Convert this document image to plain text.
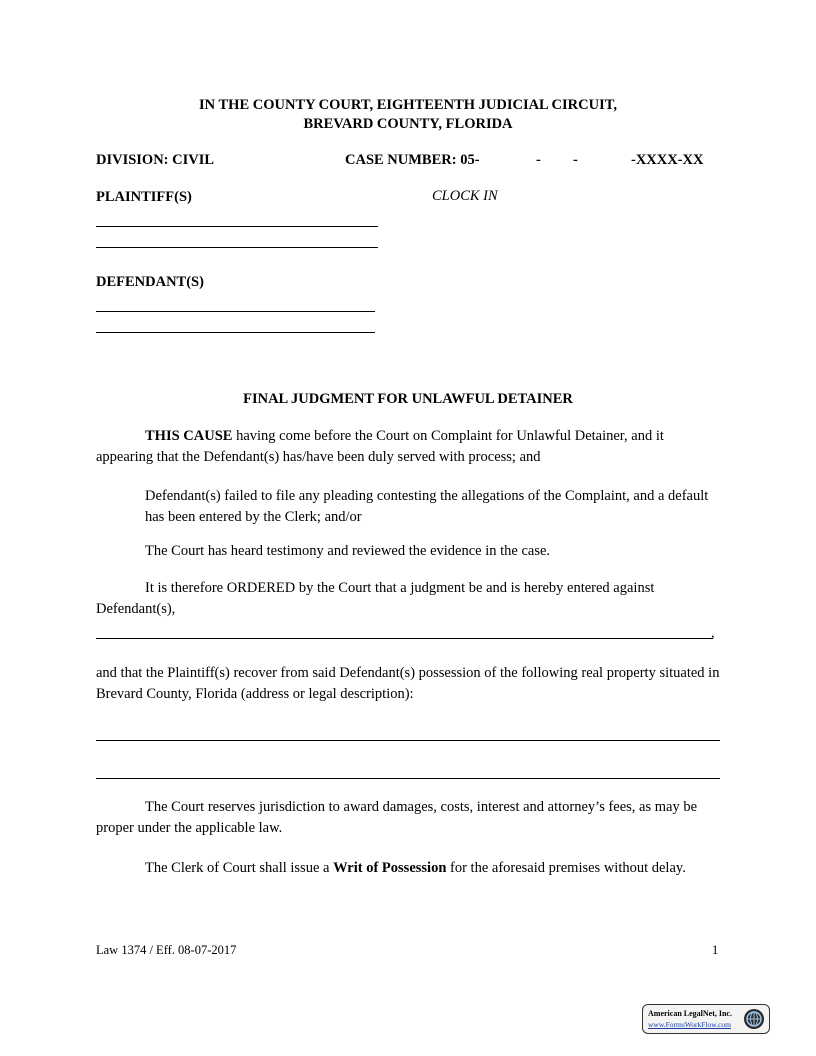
IN THE COUNTY COURT, EIGHTEENTH JUDICIAL CIRCUIT,
BREVARD COUNTY, FLORIDA
DIVISION: CIVIL	CASE NUMBER: 05-	- -	-XXXX-XX
PLAINTIFF(S)	CLOCK IN
DEFENDANT(S)
FINAL JUDGMENT FOR UNLAWFUL DETAINER
THIS CAUSE having come before the Court on Complaint for Unlawful Detainer, and it appearing that the Defendant(s) has/have been duly served with process; and
Defendant(s) failed to file any pleading contesting the allegations of the Complaint, and a default has been entered by the Clerk; and/or
The Court has heard testimony and reviewed the evidence in the case.
It is therefore ORDERED by the Court that a judgment be and is hereby entered against Defendant(s),
,
and that the Plaintiff(s) recover from said Defendant(s) possession of the following real property situated in Brevard County, Florida (address or legal description):
The Court reserves jurisdiction to award damages, costs, interest and attorney’s fees, as may be proper under the applicable law.
The Clerk of Court shall issue a Writ of Possession for the aforesaid premises without delay.
Law 1374 / Eff. 08-07-2017	1
American LegalNet, Inc.
www.FormsWorkFlow.com
